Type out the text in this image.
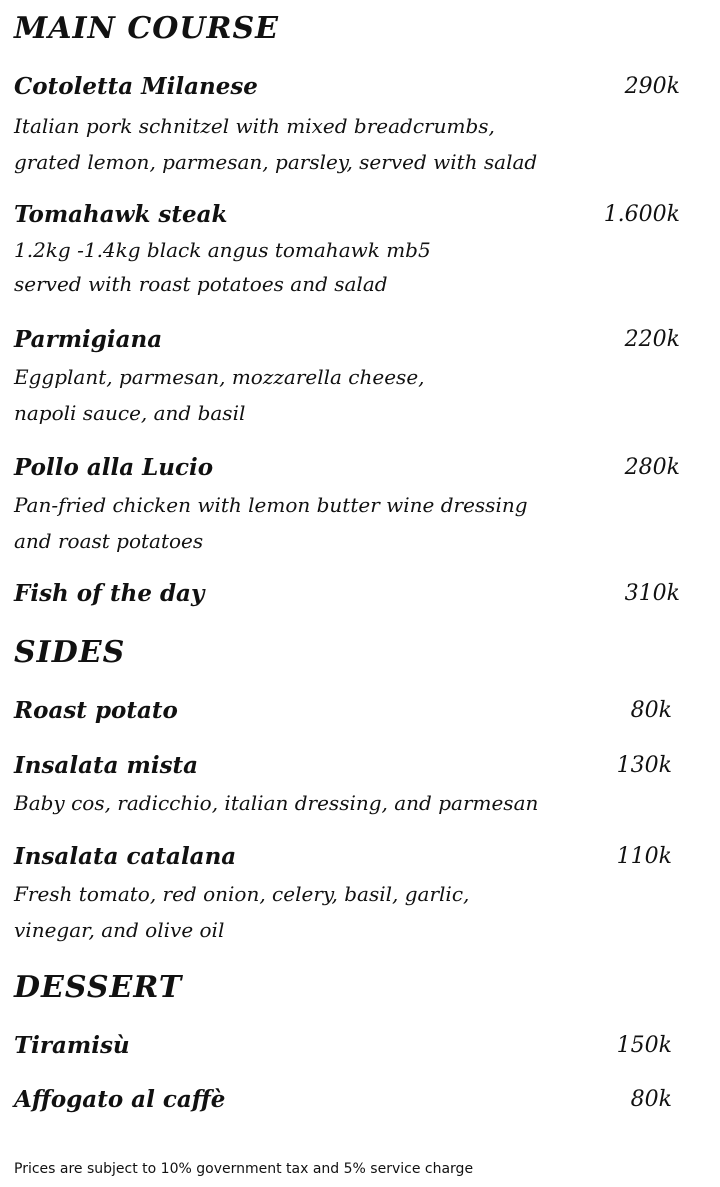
MAIN COURSE
Cotoletta Milanese	290k
Italian pork schnitzel with mixed breadcrumbs,
grated lemon, parmesan, parsley, served with salad
Tomahawk steak	1.600k
1.2kg -1.4kg black angus tomahawk mb5
served with roast potatoes and salad
Parmigiana	220k
Eggplant, parmesan, mozzarella cheese,
napoli sauce, and basil
Pollo alla Lucio	280k
Pan-fried chicken with lemon butter wine dressing
and roast potatoes
Fish of the day	310k
SIDES
Roast potato	80k
Insalata mista	130k
Baby cos, radicchio, italian dressing, and parmesan
Insalata catalana	110k
Fresh tomato, red onion, celery, basil, garlic,
vinegar, and olive oil
DESSERT
Tiramisù	150k
Affogato al caffè	80k
Prices are subject to 10% government tax and 5% service charge
